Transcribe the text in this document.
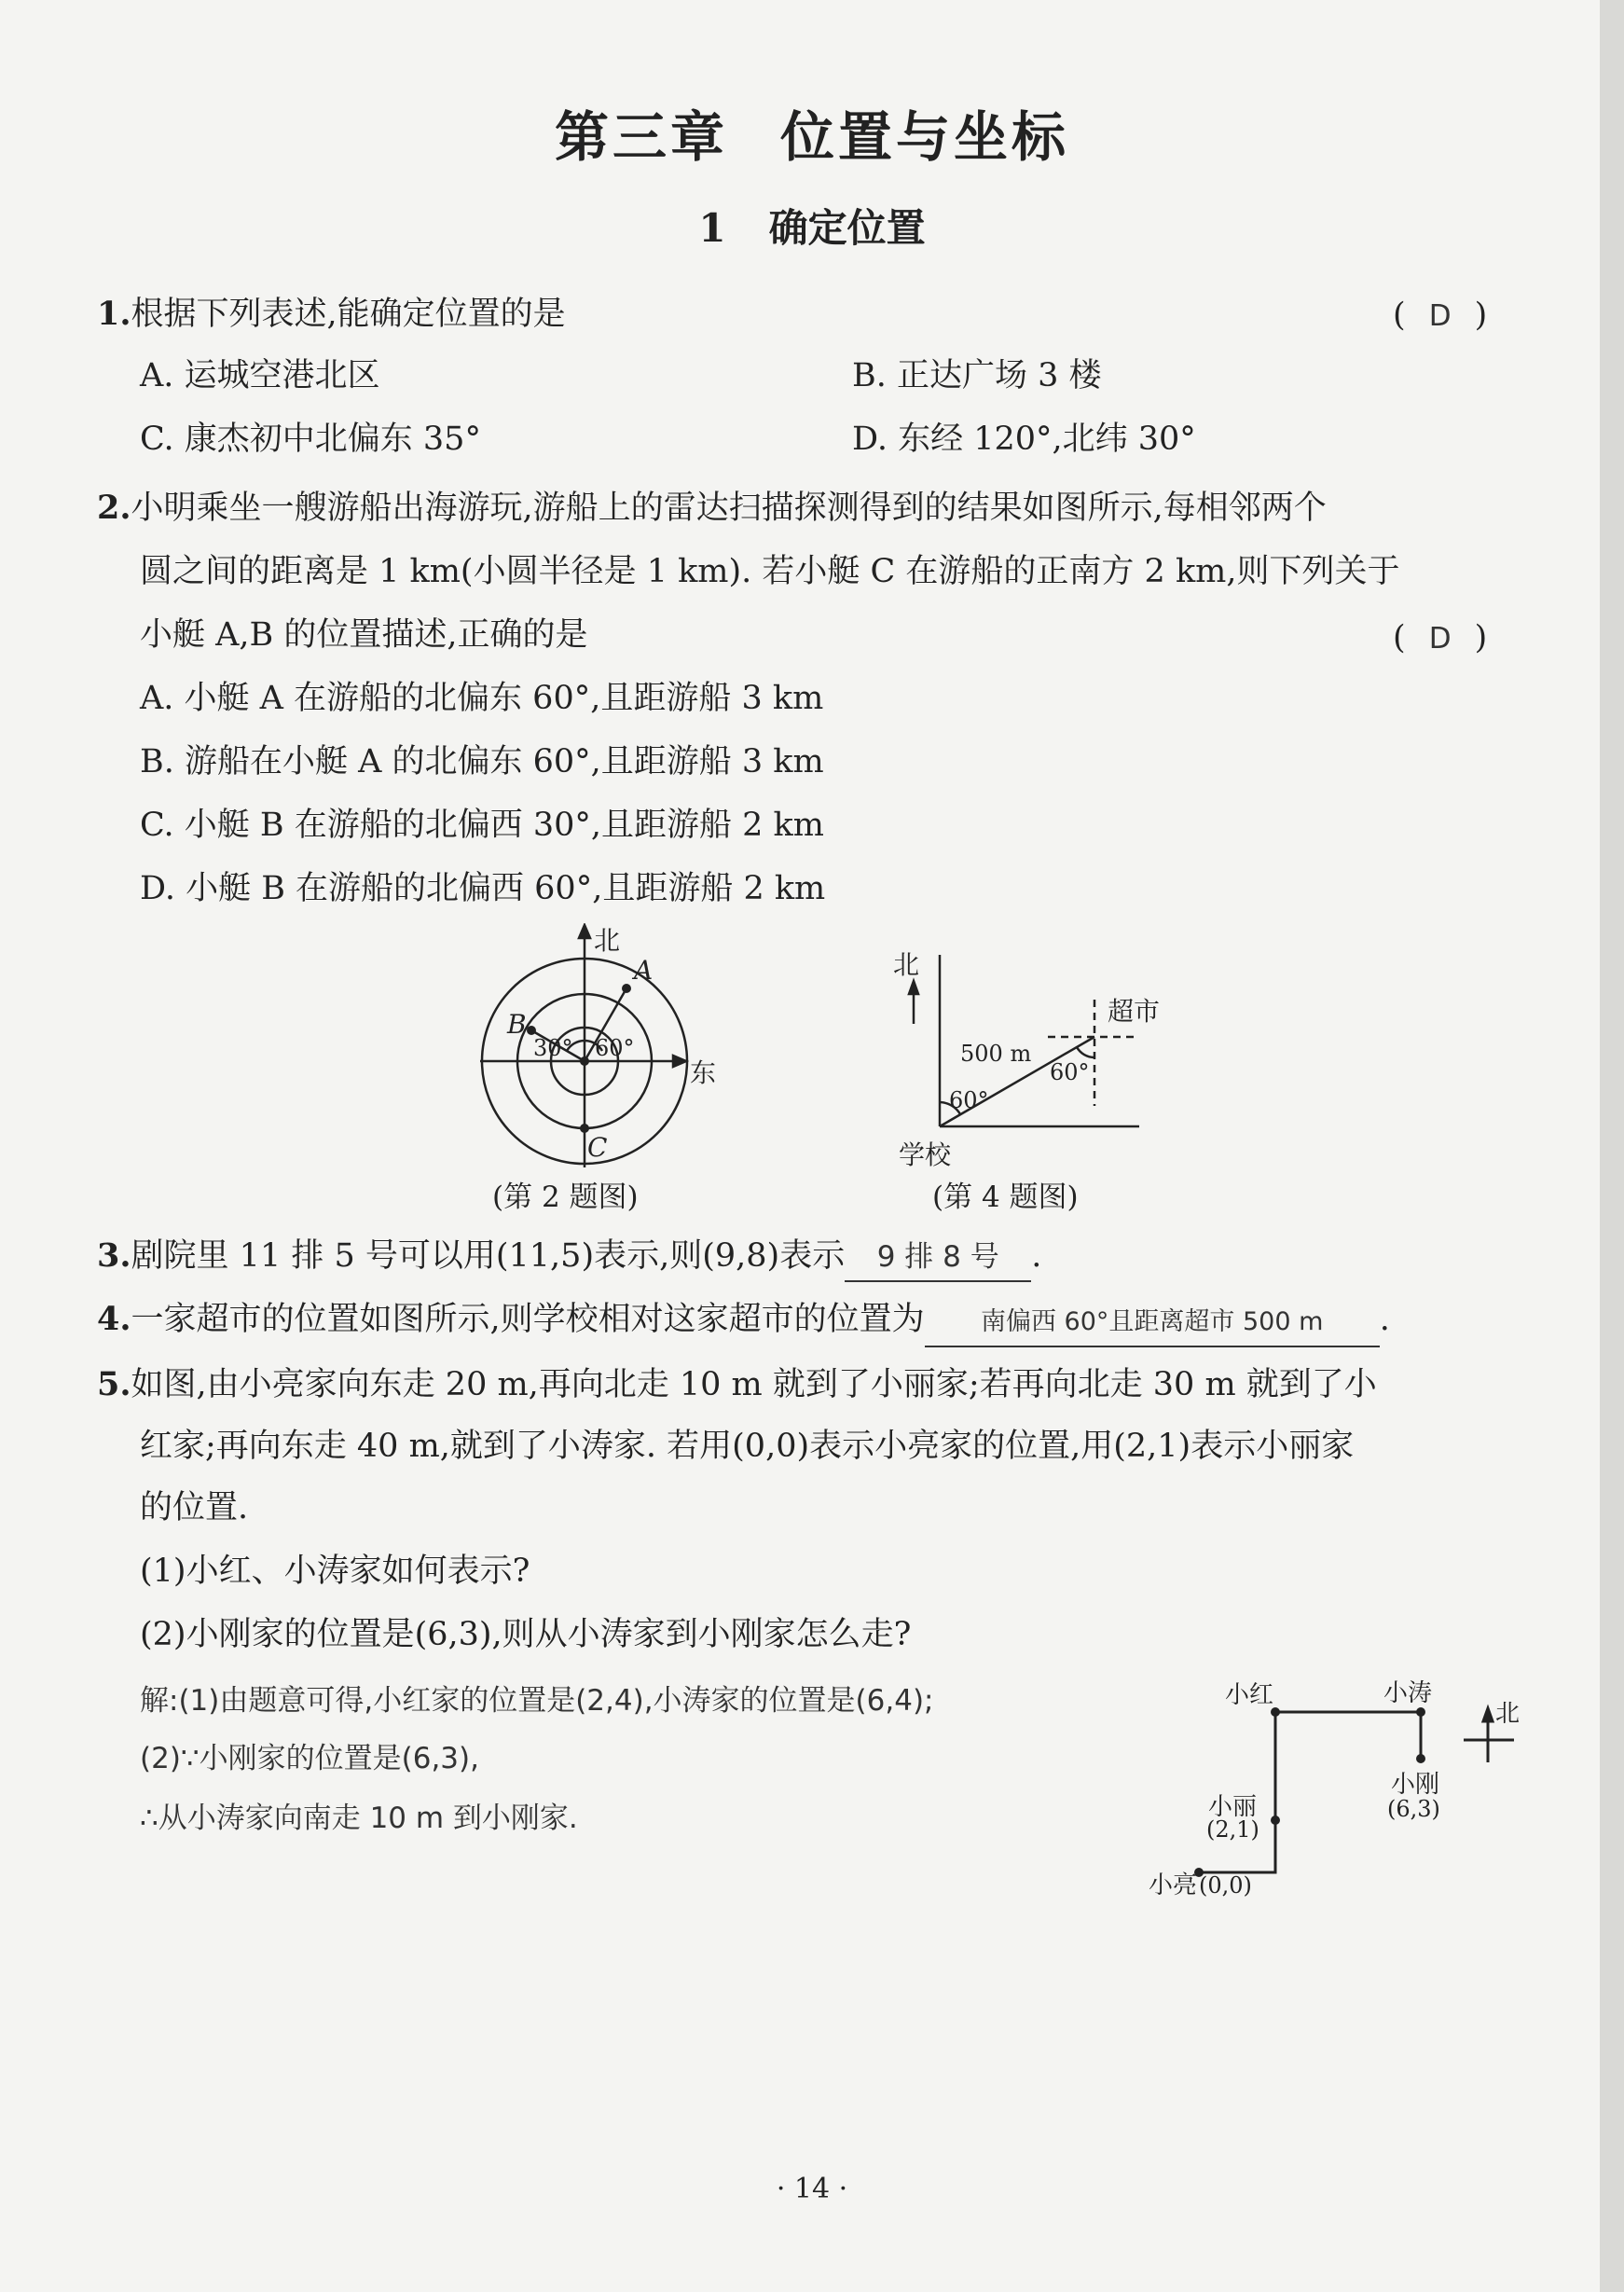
第三章 位置与坐标
1 确定位置
1.根据下列表述,能确定位置的是	( D )
A. 运城空港北区	B. 正达广场 3 楼
C. 康杰初中北偏东 35°	D. 东经 120°,北纬 30°
2.小明乘坐一艘游船出海游玩,游船上的雷达扫描探测得到的结果如图所示,每相邻两个
圆之间的距离是 1 km(小圆半径是 1 km). 若小艇 C 在游船的正南方 2 km,则下列关于
小艇 A,B 的位置描述,正确的是	( D )
A. 小艇 A 在游船的北偏东 60°,且距游船 3 km
B. 游船在小艇 A 的北偏东 60°,且距游船 3 km
C. 小艇 B 在游船的北偏西 30°,且距游船 2 km
D. 小艇 B 在游船的北偏西 60°,且距游船 2 km
北
东
A
B
C
30° 60°
(第 2 题图)
北
超市
500 m
60°
60°
学校
(第 4 题图)
3.剧院里 11 排 5 号可以用(11,5)表示,则(9,8)表示 9 排 8 号 .
4.一家超市的位置如图所示,则学校相对这家超市的位置为 南偏西 60°且距离超市 500 m .
5.如图,由小亮家向东走 20 m,再向北走 10 m 就到了小丽家;若再向北走 30 m 就到了小
红家;再向东走 40 m,就到了小涛家. 若用(0,0)表示小亮家的位置,用(2,1)表示小丽家
的位置.
(1)小红、小涛家如何表示?
(2)小刚家的位置是(6,3),则从小涛家到小刚家怎么走?
解:(1)由题意可得,小红家的位置是(2,4),小涛家的位置是(6,4);
(2)∵小刚家的位置是(6,3),
∴从小涛家向南走 10 m 到小刚家.
小红	小涛
北
小刚
(6,3)
小丽
(2,1)
小亮 (0,0)
· 14 ·
